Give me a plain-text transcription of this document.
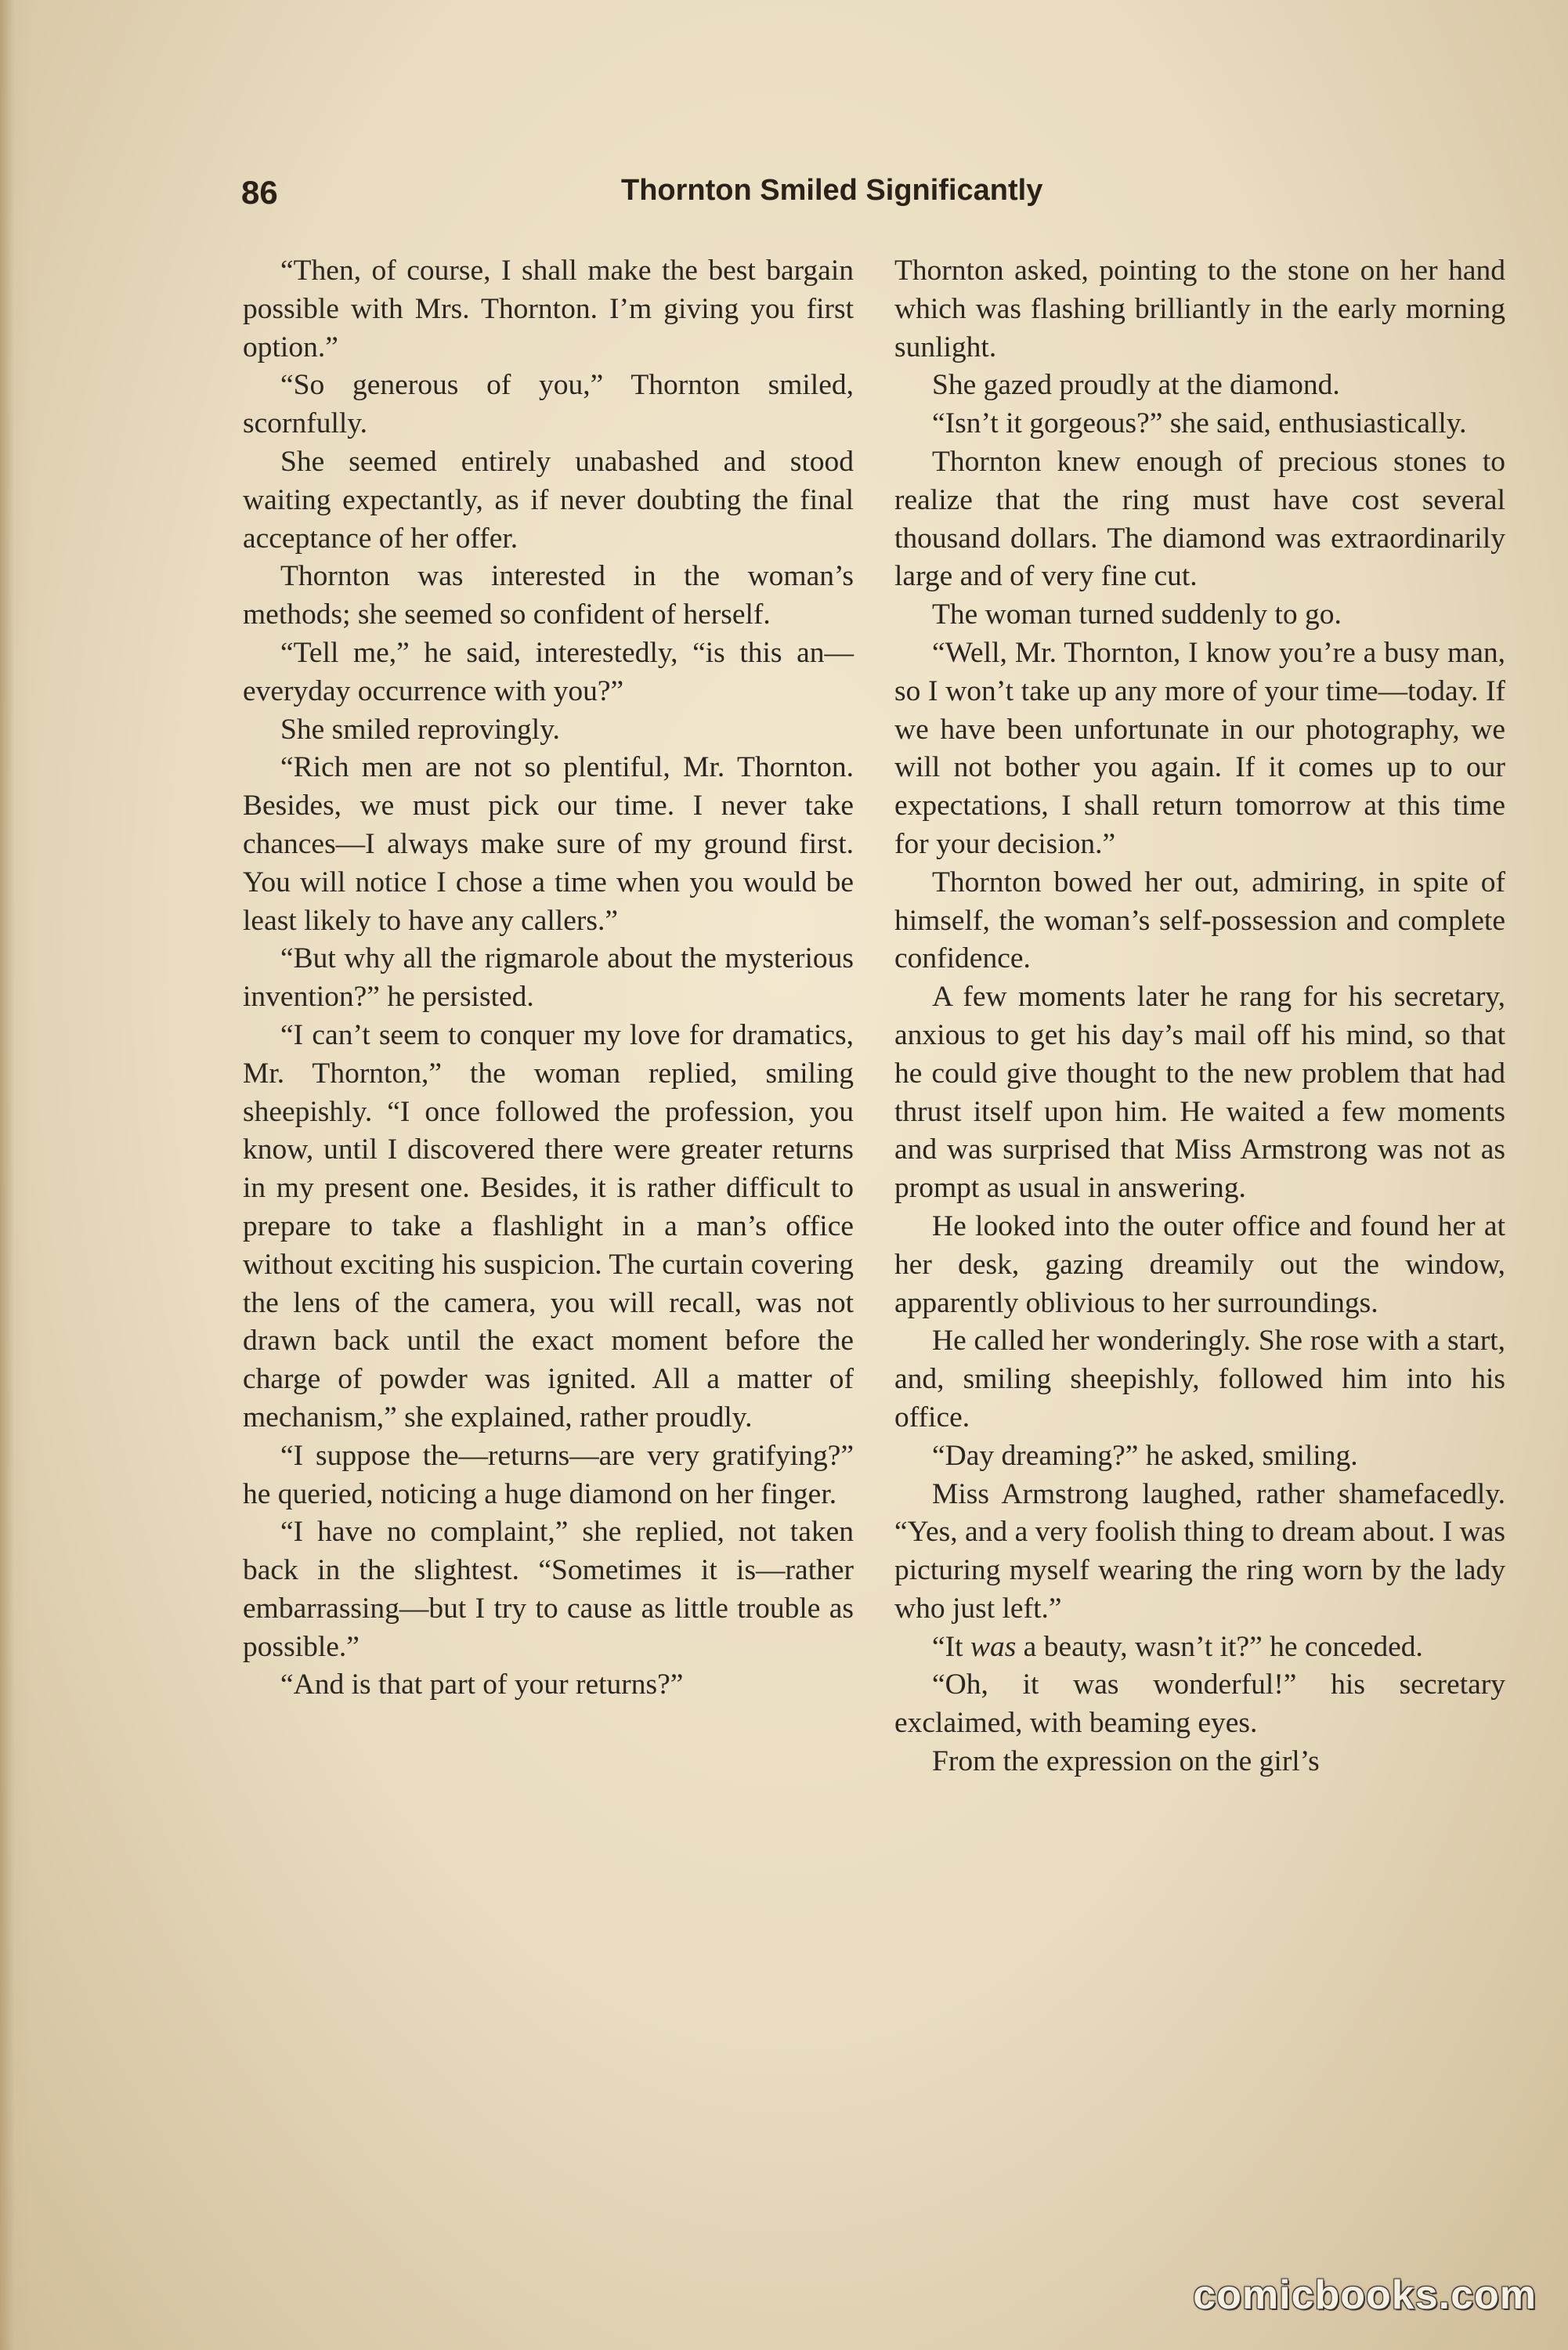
86	Thornton Smiled Significantly

“Then, of course, I shall make the best bargain possible with Mrs. Thornton. I’m giving you first option.”

“So generous of you,” Thornton smiled, scornfully.

She seemed entirely unabashed and stood waiting expectantly, as if never doubting the final acceptance of her offer.

Thornton was interested in the woman’s methods; she seemed so confident of herself.

“Tell me,” he said, interestedly, “is this an—everyday occurrence with you?”

She smiled reprovingly.

“Rich men are not so plentiful, Mr. Thornton. Besides, we must pick our time. I never take chances—I always make sure of my ground first. You will notice I chose a time when you would be least likely to have any callers.”

“But why all the rigmarole about the mysterious invention?” he persisted.

“I can’t seem to conquer my love for dramatics, Mr. Thornton,” the woman replied, smiling sheepishly. “I once followed the profession, you know, until I discovered there were greater returns in my present one. Besides, it is rather difficult to prepare to take a flashlight in a man’s office without exciting his suspicion. The curtain covering the lens of the camera, you will recall, was not drawn back until the exact moment before the charge of powder was ignited. All a matter of mechanism,” she explained, rather proudly.

“I suppose the—returns—are very gratifying?” he queried, noticing a huge diamond on her finger.

“I have no complaint,” she replied, not taken back in the slightest. “Sometimes it is—rather embarrassing—but I try to cause as little trouble as possible.”

“And is that part of your returns?”

Thornton asked, pointing to the stone on her hand which was flashing brilliantly in the early morning sunlight.

She gazed proudly at the diamond.

“Isn’t it gorgeous?” she said, enthusiastically.

Thornton knew enough of precious stones to realize that the ring must have cost several thousand dollars. The diamond was extraordinarily large and of very fine cut.

The woman turned suddenly to go.

“Well, Mr. Thornton, I know you’re a busy man, so I won’t take up any more of your time—today. If we have been unfortunate in our photography, we will not bother you again. If it comes up to our expectations, I shall return tomorrow at this time for your decision.”

Thornton bowed her out, admiring, in spite of himself, the woman’s self-possession and complete confidence.

A few moments later he rang for his secretary, anxious to get his day’s mail off his mind, so that he could give thought to the new problem that had thrust itself upon him. He waited a few moments and was surprised that Miss Armstrong was not as prompt as usual in answering.

He looked into the outer office and found her at her desk, gazing dreamily out the window, apparently oblivious to her surroundings.

He called her wonderingly. She rose with a start, and, smiling sheepishly, followed him into his office.

“Day dreaming?” he asked, smiling.

Miss Armstrong laughed, rather shamefacedly. “Yes, and a very foolish thing to dream about. I was picturing myself wearing the ring worn by the lady who just left.”

“It was a beauty, wasn’t it?” he conceded.

“Oh, it was wonderful!” his secretary exclaimed, with beaming eyes.

From the expression on the girl’s

comicbooks.com
